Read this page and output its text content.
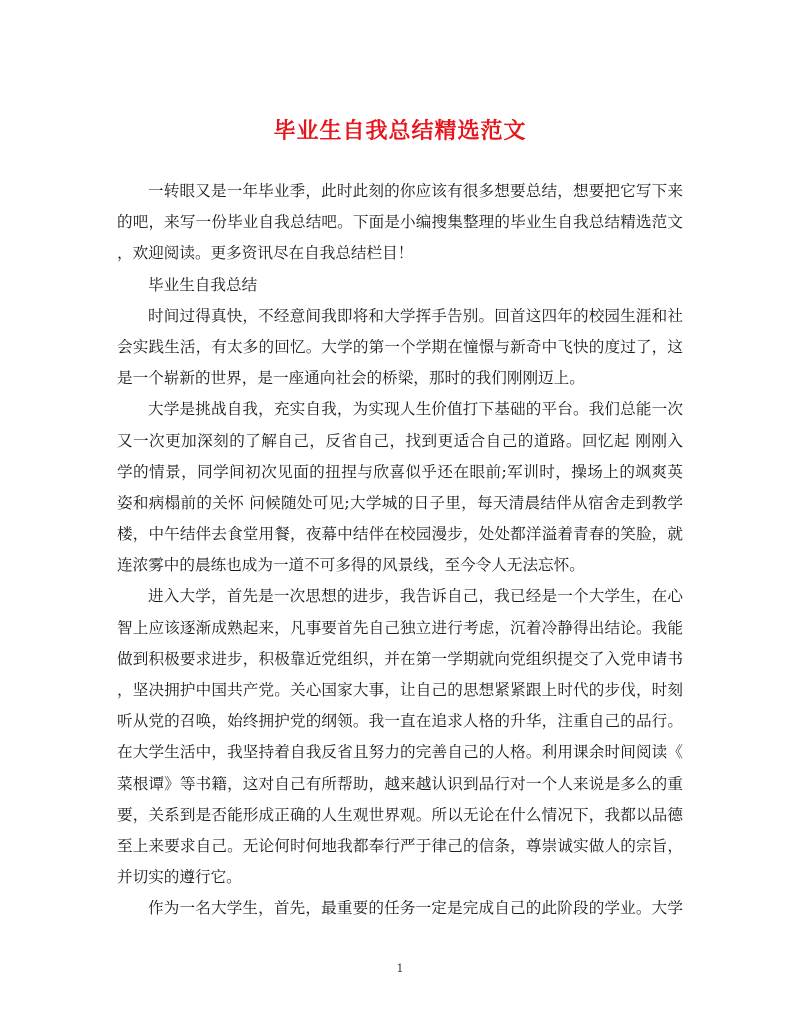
毕业生自我总结精选范文
一转眼又是一年毕业季，此时此刻的你应该有很多想要总结，想要把它写下来
的吧，来写一份毕业自我总结吧。下面是小编搜集整理的毕业生自我总结精选范文
，欢迎阅读。更多资讯尽在自我总结栏目！
毕业生自我总结
时间过得真快，不经意间我即将和大学挥手告别。回首这四年的校园生涯和社
会实践生活，有太多的回忆。大学的第一个学期在憧憬与新奇中飞快的度过了，这
是一个崭新的世界，是一座通向社会的桥梁，那时的我们刚刚迈上。
大学是挑战自我，充实自我，为实现人生价值打下基础的平台。我们总能一次
又一次更加深刻的了解自己，反省自己，找到更适合自己的道路。回忆起 刚刚入
学的情景，同学间初次见面的扭捏与欣喜似乎还在眼前;军训时，操场上的飒爽英
姿和病榻前的关怀 问候随处可见;大学城的日子里，每天清晨结伴从宿舍走到教学
楼，中午结伴去食堂用餐，夜幕中结伴在校园漫步，处处都洋溢着青春的笑脸，就
连浓雾中的晨练也成为一道不可多得的风景线，至今令人无法忘怀。
进入大学，首先是一次思想的进步，我告诉自己，我已经是一个大学生，在心
智上应该逐渐成熟起来，凡事要首先自己独立进行考虑，沉着冷静得出结论。我能
做到积极要求进步，积极靠近党组织，并在第一学期就向党组织提交了入党申请书
，坚决拥护中国共产党。关心国家大事，让自己的思想紧紧跟上时代的步伐，时刻
听从党的召唤，始终拥护党的纲领。我一直在追求人格的升华，注重自己的品行。
在大学生活中，我坚持着自我反省且努力的完善自己的人格。利用课余时间阅读《
菜根谭》等书籍，这对自己有所帮助，越来越认识到品行对一个人来说是多么的重
要，关系到是否能形成正确的人生观世界观。所以无论在什么情况下，我都以品德
至上来要求自己。无论何时何地我都奉行严于律己的信条，尊崇诚实做人的宗旨，
并切实的遵行它。
作为一名大学生，首先，最重要的任务一定是完成自己的此阶段的学业。大学
1
